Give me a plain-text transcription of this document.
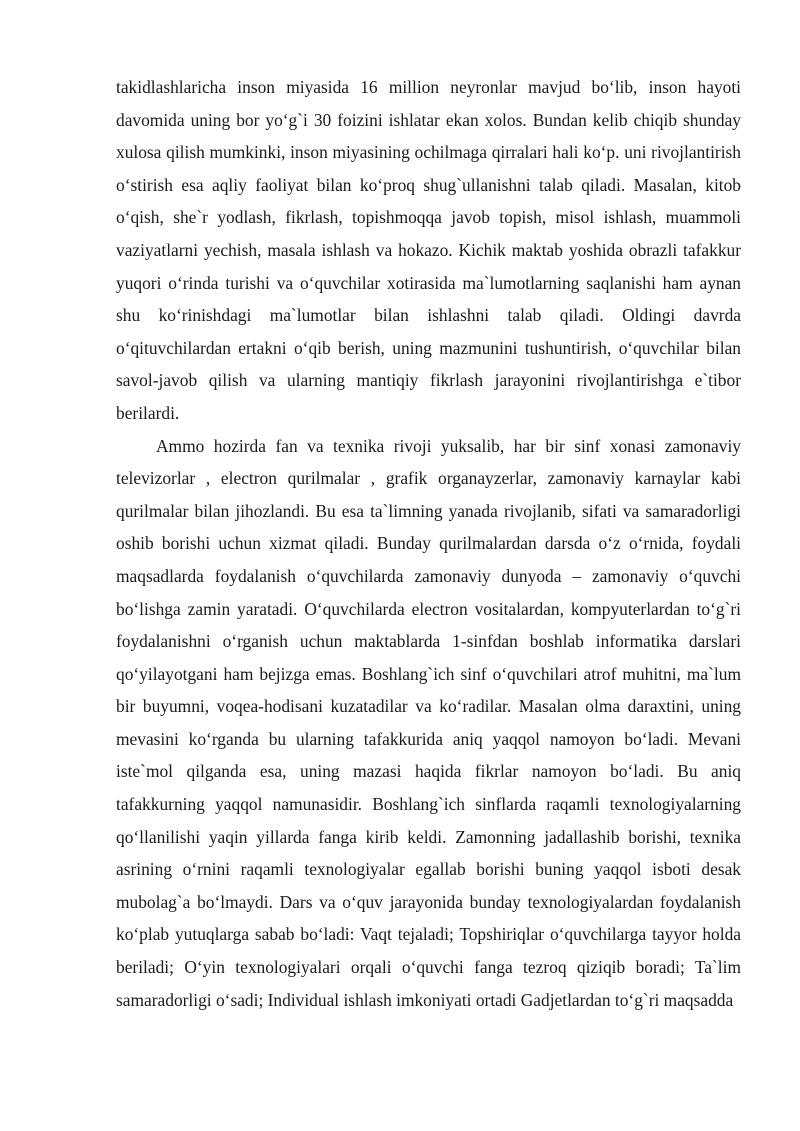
takidlashlaricha inson miyasida 16 million neyronlar mavjud bo‘lib, inson hayoti davomida uning bor yo‘g`i 30 foizini ishlatar ekan xolos. Bundan kelib chiqib shunday xulosa qilish mumkinki, inson miyasining ochilmaga qirralari hali ko‘p. uni rivojlantirish o‘stirish esa aqliy faoliyat bilan ko‘proq shug`ullanishni talab qiladi. Masalan, kitob o‘qish, she`r yodlash, fikrlash, topishmoqqa javob topish, misol ishlash, muammoli vaziyatlarni yechish, masala ishlash va hokazo. Kichik maktab yoshida obrazli tafakkur yuqori o‘rinda turishi va o‘quvchilar xotirasida ma`lumotlarning saqlanishi ham aynan shu ko‘rinishdagi ma`lumotlar bilan ishlashni talab qiladi. Oldingi davrda o‘qituvchilardan ertakni o‘qib berish, uning mazmunini tushuntirish, o‘quvchilar bilan savol-javob qilish va ularning mantiqiy fikrlash jarayonini rivojlantirishga e`tibor berilardi.

Ammo hozirda fan va texnika rivoji yuksalib, har bir sinf xonasi zamonaviy televizorlar , electron qurilmalar , grafik organayzerlar, zamonaviy karnaylar kabi qurilmalar bilan jihozlandi. Bu esa ta`limning yanada rivojlanib, sifati va samaradorligi oshib borishi uchun xizmat qiladi. Bunday qurilmalardan darsda o‘z o‘rnida, foydali maqsadlarda foydalanish o‘quvchilarda zamonaviy dunyoda – zamonaviy o‘quvchi bo‘lishga zamin yaratadi. O‘quvchilarda electron vositalardan, kompyuterlardan to‘g`ri foydalanishni o‘rganish uchun maktablarda 1-sinfdan boshlab informatika darslari qo‘yilayotgani ham bejizga emas. Boshlang`ich sinf o‘quvchilari atrof muhitni, ma`lum bir buyumni, voqea-hodisani kuzatadilar va ko‘radilar. Masalan olma daraxtini, uning mevasini ko‘rganda bu ularning tafakkurida aniq yaqqol namoyon bo‘ladi. Mevani iste`mol qilganda esa, uning mazasi haqida fikrlar namoyon bo‘ladi. Bu aniq tafakkurning yaqqol namunasidir. Boshlang`ich sinflarda raqamli texnologiyalarning qo‘llanilishi yaqin yillarda fanga kirib keldi. Zamonning jadallashib borishi, texnika asrining o‘rnini raqamli texnologiyalar egallab borishi buning yaqqol isboti desak mubolag`a bo‘lmaydi. Dars va o‘quv jarayonida bunday texnologiyalardan foydalanish ko‘plab yutuqlarga sabab bo‘ladi: Vaqt tejaladi; Topshiriqlar o‘quvchilarga tayyor holda beriladi; O‘yin texnologiyalari orqali o‘quvchi fanga tezroq qiziqib boradi; Ta`lim samaradorligi o‘sadi; Individual ishlash imkoniyati ortadi Gadjetlardan to‘g`ri maqsadda
